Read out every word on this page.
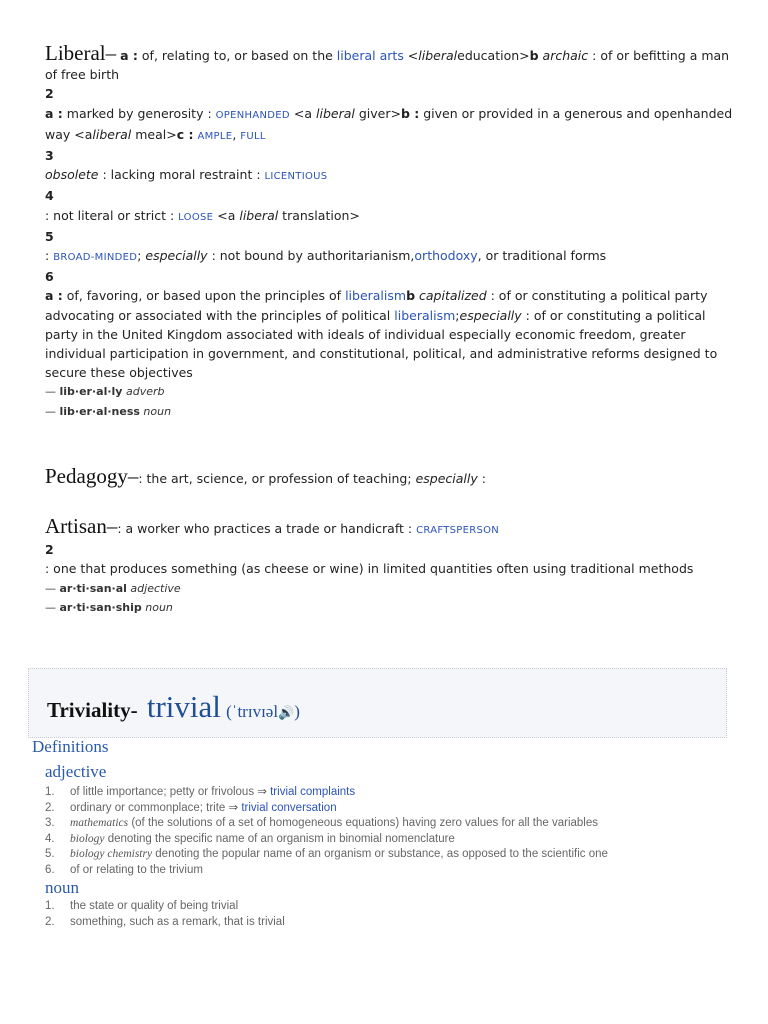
Liberal– a : of, relating to, or based on the liberal arts <liberaleducation>b archaic : of or befitting a man of free birth
2
a : marked by generosity : OPENHANDED <a liberal giver>b : given or provided in a generous and openhanded way <aliberal meal>c : AMPLE, FULL
3
obsolete : lacking moral restraint : LICENTIOUS
4
: not literal or strict : LOOSE <a liberal translation>
5
: BROAD-MINDED; especially : not bound by authoritarianism,orthodoxy, or traditional forms
6
a : of, favoring, or based upon the principles of liberalismb capitalized : of or constituting a political party advocating or associated with the principles of political liberalism;especially : of or constituting a political party in the United Kingdom associated with ideals of individual especially economic freedom, greater individual participation in government, and constitutional, political, and administrative reforms designed to secure these objectives
— lib·er·al·ly adverb
— lib·er·al·ness noun
Pedagogy–: the art, science, or profession of teaching; especially :
Artisan–: a worker who practices a trade or handicraft : CRAFTSPERSON
2
: one that produces something (as cheese or wine) in limited quantities often using traditional methods
— ar·ti·san·al adjective
— ar·ti·san·ship noun
Triviality- trivial (ˈtrɪvɪəl🔊)
Definitions
adjective
1. of little importance; petty or frivolous ⇒ trivial complaints
2. ordinary or commonplace; trite ⇒ trivial conversation
3. mathematics (of the solutions of a set of homogeneous equations) having zero values for all the variables
4. biology denoting the specific name of an organism in binomial nomenclature
5. biology chemistry denoting the popular name of an organism or substance, as opposed to the scientific one
6. of or relating to the trivium
noun
1. the state or quality of being trivial
2. something, such as a remark, that is trivial
